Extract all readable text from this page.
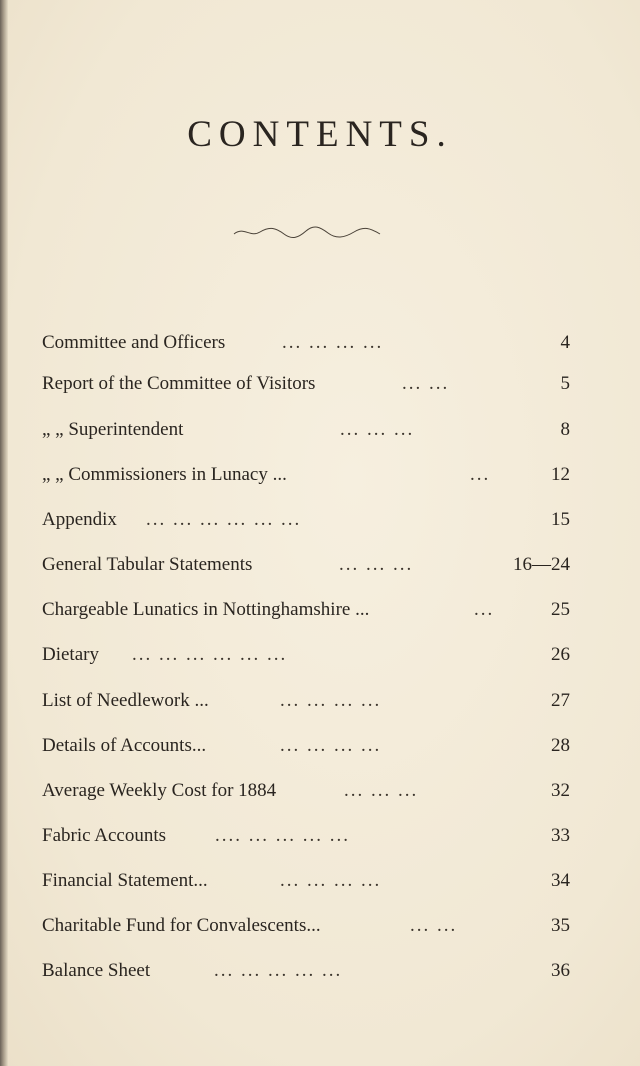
CONTENTS.
Committee and Officers	... ... ... ...	4
Report of the Committee of Visitors	... ...	5
„ „ Superintendent	... ... ...	8
„ „ Commissioners in Lunacy ...	...	12
Appendix ... ... ... ... ... ...	15
General Tabular Statements	... ... ...	16—24
Chargeable Lunatics in Nottinghamshire ...	...	25
Dietary ... ... ... ... ... ...	26
List of Needlework ...	... ... ... ...	27
Details of Accounts...	... ... ... ...	28
Average Weekly Cost for 1884	... ... ...	32
Fabric Accounts	.... ... ... ... ...	33
Financial Statement...	... ... ... ...	34
Charitable Fund for Convalescents...	... ...	35
Balance Sheet	... ... ... ... ...	36
